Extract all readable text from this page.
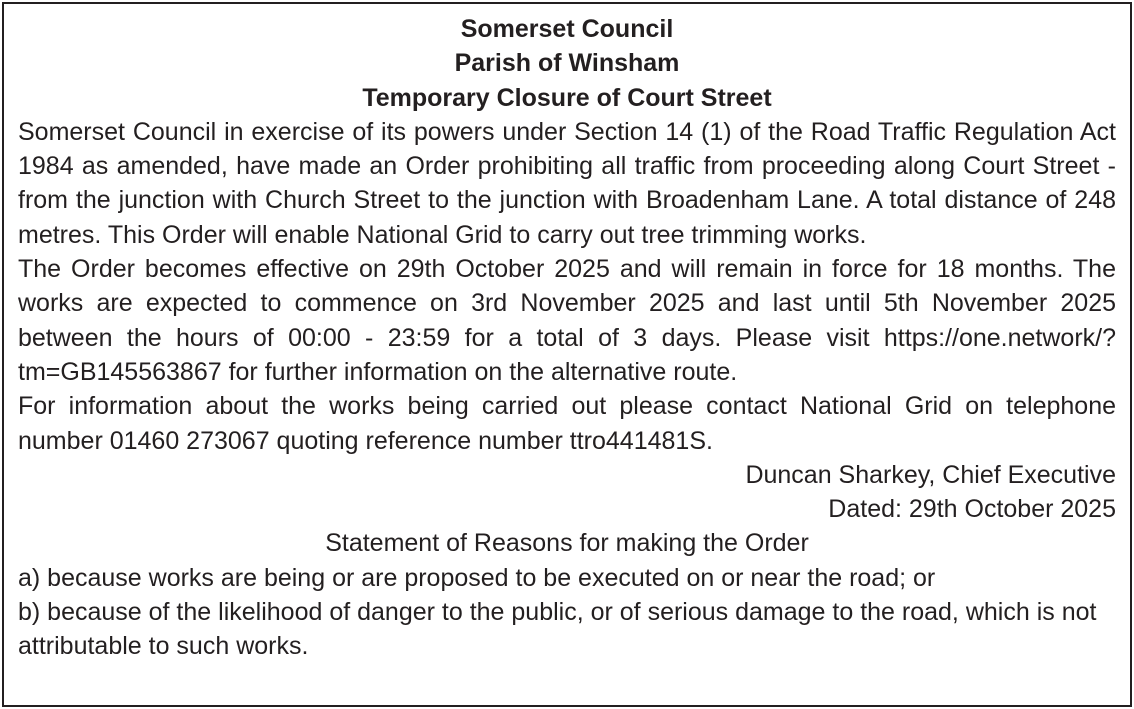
Somerset Council

Parish of Winsham

Temporary Closure of Court Street

Somerset Council in exercise of its powers under Section 14 (1) of the Road Traffic Regulation Act 1984 as amended, have made an Order prohibiting all traffic from proceeding along Court Street - from the junction with Church Street to the junction with Broadenham Lane. A total distance of 248 metres. This Order will enable National Grid to carry out tree trimming works.

The Order becomes effective on 29th October 2025 and will remain in force for 18 months. The works are expected to commence on 3rd November 2025 and last until 5th November 2025 between the hours of 00:00 - 23:59 for a total of 3 days. Please visit https://one.network/?tm=GB145563867 for further information on the alternative route.

For information about the works being carried out please contact National Grid on telephone number 01460 273067 quoting reference number ttro441481S.

Duncan Sharkey, Chief Executive

Dated: 29th October 2025

Statement of Reasons for making the Order

a) because works are being or are proposed to be executed on or near the road; or

b) because of the likelihood of danger to the public, or of serious damage to the road, which is not attributable to such works.
